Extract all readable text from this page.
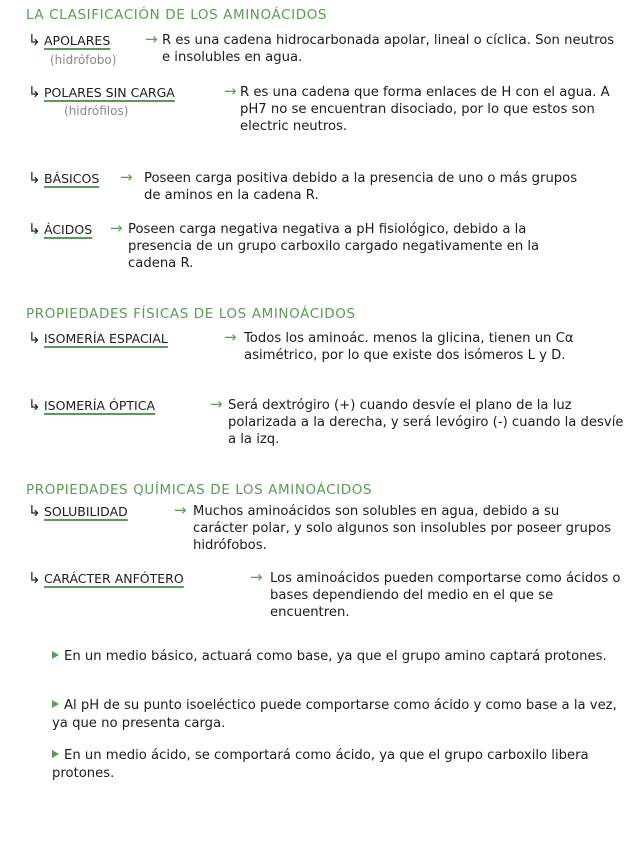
LA CLASIFICACIÓN DE LOS AMINOÁCIDOS
↳ APOLARES → R es una cadena hidrocarbonada apolar, lineal o cíclica. Son neutros e insolubles en agua.
(hidrófobo)
↳ POLARES SIN CARGA	→ R es una cadena que forma enlaces de H con el agua. A pH7 no se encuentran disociado, por lo que estos son electric neutros.
(hidrófilos)
↳ BÁSICOS → Poseen carga positiva debido a la presencia de uno o más grupos de aminos en la cadena R.
↳ ÁCIDOS → Poseen carga negativa negativa a pH fisiológico, debido a la presencia de un grupo carboxilo cargado negativamente en la cadena R.
PROPIEDADES FÍSICAS DE LOS AMINOÁCIDOS
↳ ISOMERÍA ESPACIAL	→ Todos los aminoác. menos la glicina, tienen un Cα asimétrico, por lo que existe dos isómeros L y D.
↳ ISOMERÍA ÓPTICA	→ Será dextrógiro (+) cuando desvíe el plano de la luz polarizada a la derecha, y será levógiro (-) cuando la desvíe a la izq.
PROPIEDADES QUÍMICAS DE LOS AMINOÁCIDOS
↳ SOLUBILIDAD	→ Muchos aminoácidos son solubles en agua, debido a su carácter polar, y solo algunos son insolubles por poseer grupos hidrófobos.
↳ CARÁCTER ANFÓTERO	→ Los aminoácidos pueden comportarse como ácidos o bases dependiendo del medio en el que se encuentren.
En un medio básico, actuará como base, ya que el grupo amino captará protones.
Al pH de su punto isoeléctico puede comportarse como ácido y como base a la vez, ya que no presenta carga.
En un medio ácido, se comportará como ácido, ya que el grupo carboxilo libera protones.
